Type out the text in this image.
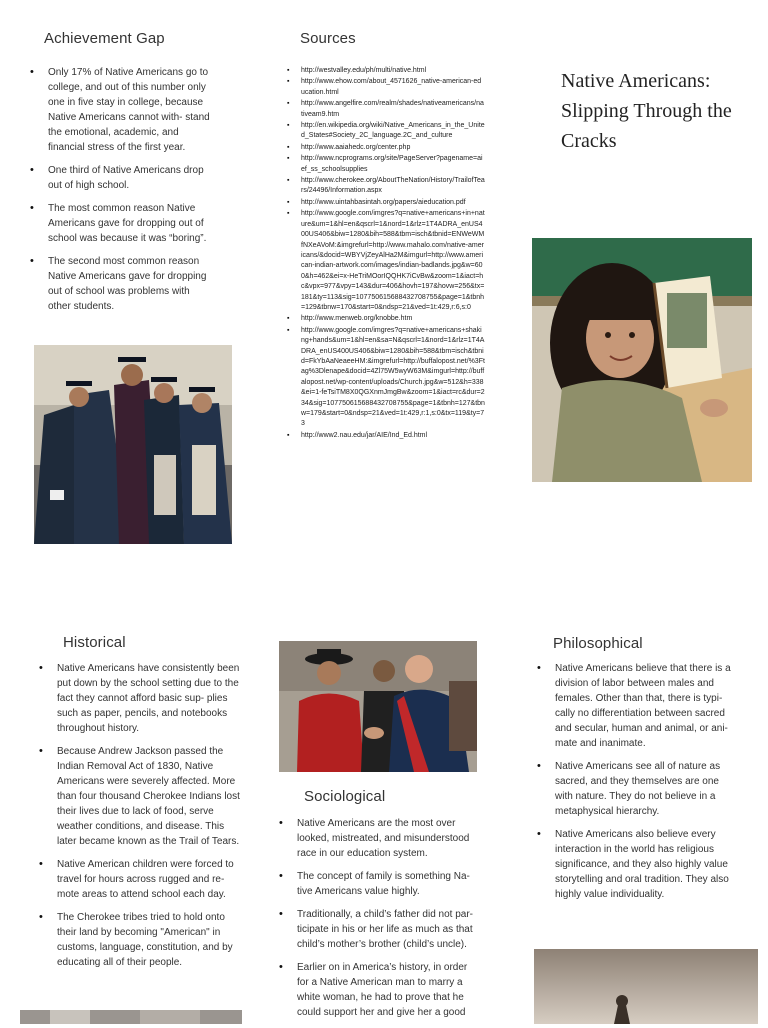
Achievement Gap
• Only 17% of Native Americans go to college, and out of this number only one in five stay in college, because Native Americans cannot with- stand the emotional, academic, and financial stress of the first year.
• One third of Native Americans drop out of high school.
• The most common reason Native Americans gave for dropping out of school was because it was “boring”.
• The second most common reason Native Americans gave for dropping out of school was problems with other students.
Sources
▪ http://westvalley.edu/ph/multi/native.html
▪ http://www.ehow.com/about_4571626_native-american-education.html
▪ http://www.angelfire.com/realm/shades/nativeamericans/nativeam9.htm
▪ http://en.wikipedia.org/wiki/Native_Americans_in_the_United_States#Society_2C_language.2C_and_culture
▪ http://www.aaiahedc.org/center.php
▪ http://www.ncprograms.org/site/PageServer?pagename=aief_ss_schoolsupplies
▪ http://www.cherokee.org/AboutTheNation/History/TrailofTears/24496/Information.aspx
▪ http://www.uintahbasintah.org/papers/aieducation.pdf
▪ http://www.google.com/imgres?q=native+americans+in+nature&um=1&hl=en&qscrl=1&nord=1&rlz=1T4ADRA_enUS400US406&biw=1280&bih=588&tbm=isch&tbnid=ENWeWMfNXeAVoM:&imgrefurl=http://www.mahalo.com/native-americans/&docid=WBYVjZeyAlHa2M&imgurl=http://www.american-indian-artwork.com/images/indian-badlands.jpg&w=600&h=462&ei=x-HeTriMOorIQQHK7iCvBw&zoom=1&iact=hc&vpx=977&vpy=143&dur=406&hovh=197&hovw=256&tx=181&ty=113&sig=107750615688432708755&page=1&tbnh=129&tbnw=170&start=0&ndsp=21&ved=1t:429,r:6,s:0
▪ http://www.menweb.org/knobbe.htm
▪ http://www.google.com/imgres?q=native+americans+shaking+hands&um=1&hl=en&sa=N&qscrl=1&nord=1&rlz=1T4ADRA_enUS400US406&biw=1280&bih=588&tbm=isch&tbnid=FkYbAaNeaeeHM:&imgrefurl=http://buffalopost.net/%3Ftag%3Dlenape&docid=4Zl75W5wyW63M&imgurl=http://buffalopost.net/wp-content/uploads/Church.jpg&w=512&h=338&ei=1-feTsiTM8X0QGXnmJmgBw&zoom=1&iact=rc&dur=234&sig=107750615688432708755&page=1&tbnh=127&tbnw=179&start=0&ndsp=21&ved=1t:429,r:1,s:0&tx=119&ty=73
▪ http://www2.nau.edu/jar/AIE/Ind_Ed.html
Native Americans: Slipping Through the Cracks
Historical
• Native Americans have consistently been put down by the school setting due to the fact they cannot afford basic sup- plies such as paper, pencils, and notebooks throughout history.
• Because Andrew Jackson passed the Indian Removal Act of 1830, Native Americans were severely affected. More than four thousand Cherokee Indians lost their lives due to lack of food, serve weather conditions, and disease. This later became known as the Trail of Tears.
• Native American children were forced to travel for hours across rugged and re- mote areas to attend school each day.
• The Cherokee tribes tried to hold onto their land by becoming "American" in customs, language, constitution, and by educating all of their people.
Sociological
• Native Americans are the most over looked, mistreated, and misunderstood race in our education system.
• The concept of family is something Na- tive Americans value highly.
• Traditionally, a child’s father did not par- ticipate in his or her life as much as that child’s mother’s brother (child’s uncle).
• Earlier on in America’s history, in order for a Native American man to marry a white woman, he had to prove that he could support her and give her a good
Philosophical
• Native Americans believe that there is a division of labor between males and females. Other than that, there is typi- cally no differentiation between sacred and secular, human and animal, or ani- mate and inanimate.
• Native Americans see all of nature as sacred, and they themselves are one with nature. They do not believe in a metaphysical hierarchy.
• Native Americans also believe every interaction in the world has religious significance, and they also highly value storytelling and oral tradition. They also highly value individuality.
